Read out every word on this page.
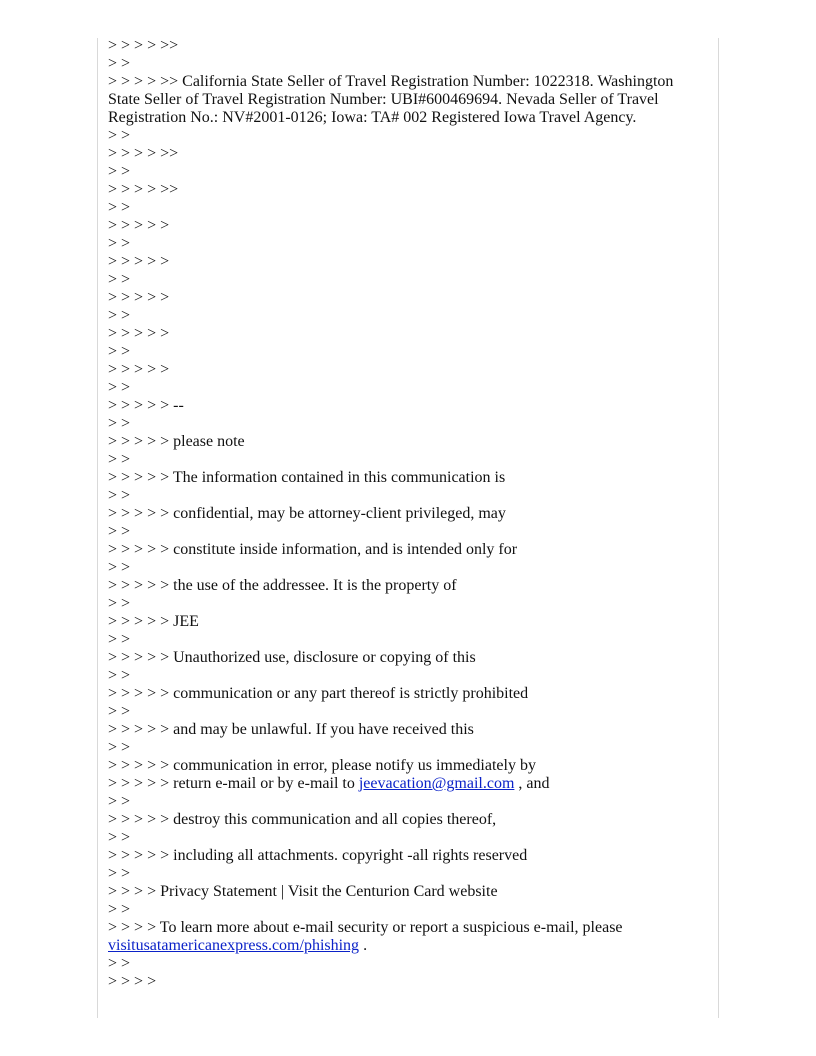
> > > > >>

> >

> > > > >> California State Seller of Travel Registration Number: 1022318. Washington State Seller of Travel Registration Number: UBI#600469694. Nevada Seller of Travel Registration No.: NV#2001-0126; Iowa: TA# 002 Registered Iowa Travel Agency.

> >

> > > > >>

> >

> > > > >>

> >

> > > > >

> >

> > > > >

> >

> > > > >

> >

> > > > >

> >

> > > > >

> >

> > > > > --

> >

> > > > > please note

> >

> > > > > The information contained in this communication is

> >

> > > > > confidential, may be attorney-client privileged, may

> >

> > > > > constitute inside information, and is intended only for

> >

> > > > > the use of the addressee. It is the property of

> >

> > > > > JEE

> >

> > > > > Unauthorized use, disclosure or copying of this

> >

> > > > > communication or any part thereof is strictly prohibited

> >

> > > > > and may be unlawful. If you have received this

> >

> > > > > communication in error, please notify us immediately by

> > > > > return e-mail or by e-mail to jeevacation@gmail.com , and

> >

> > > > > destroy this communication and all copies thereof,

> >

> > > > > including all attachments. copyright -all rights reserved

> >

> > > > Privacy Statement | Visit the Centurion Card website

> >

> > > > To learn more about e-mail security or report a suspicious e-mail, please visitusatamericanexpress.com/phishing .

> >

> > > >
